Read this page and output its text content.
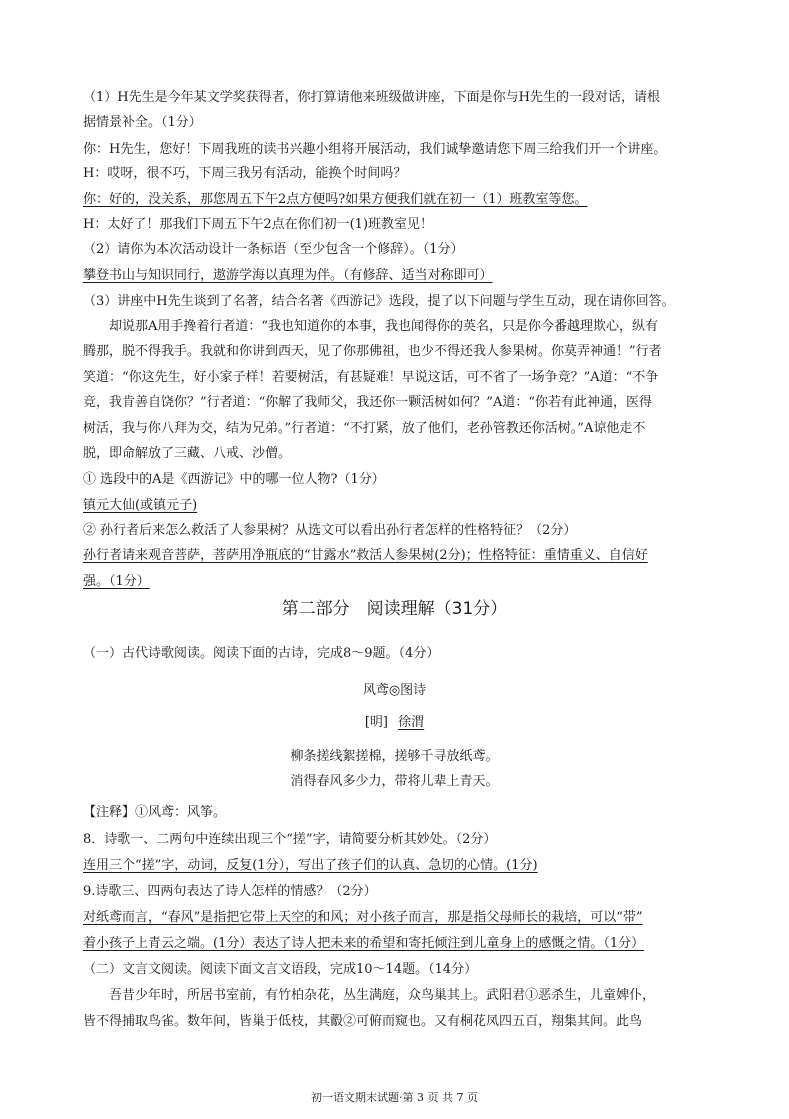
（1）H先生是今年某文学奖获得者，你打算请他来班级做讲座，下面是你与H先生的一段对话，请根
据情景补全。（1分）
你：H先生，您好！下周我班的读书兴趣小组将开展活动，我们诚挚邀请您下周三给我们开一个讲座。
H：哎呀，很不巧，下周三我另有活动，能换个时间吗？
你：好的，没关系，那您周五下午2点方便吗?如果方便我们就在初一（1）班教室等您。
H：太好了！那我们下周五下午2点在你们初一(1)班教室见！
（2）请你为本次活动设计一条标语（至少包含一个修辞）。（1分）
攀登书山与知识同行，遨游学海以真理为伴。（有修辞、适当对称即可）
（3）讲座中H先生谈到了名著，结合名著《西游记》选段，提了以下问题与学生互动，现在请你回答。
却说那A用手搀着行者道：“我也知道你的本事，我也闻得你的英名，只是你今番越理欺心，纵有
腾那，脱不得我手。我就和你讲到西天，见了你那佛祖，也少不得还我人参果树。你莫弄神通！”行者
笑道：“你这先生，好小家子样！若要树活，有甚疑难！早说这话，可不省了一场争竞？”A道：“不争
竞，我肯善自饶你？”行者道：“你解了我师父，我还你一颗活树如何？”A道：“你若有此神通，医得
树活，我与你八拜为交，结为兄弟。”行者道：“不打紧，放了他们，老孙管教还你活树。”A谅他走不
脱，即命解放了三藏、八戒、沙僧。
① 选段中的A是《西游记》中的哪一位人物?（1分）
镇元大仙(或镇元子)
② 孙行者后来怎么救活了人参果树？从选文可以看出孙行者怎样的性格特征？（2分）
孙行者请来观音菩萨，菩萨用净瓶底的“甘露水”救活人参果树(2分)；性格特征：重情重义、自信好
强。（1分）
（一）古代诗歌阅读。阅读下面的古诗，完成8～9题。（4分）
【注释】①风鸢：风筝。
8．诗歌一、二两句中连续出现三个“搓”字，请简要分析其妙处。（2分）
连用三个“搓”字，动词，反复(1分），写出了孩子们的认真、急切的心情。(1分)
9.诗歌三、四两句表达了诗人怎样的情感？（2分）
对纸鸢而言，“春风”是指把它带上天空的和风；对小孩子而言，那是指父母师长的栽培，可以“带”
着小孩子上青云之端。(1分）表达了诗人把未来的希望和寄托倾注到儿童身上的感慨之情。（1分）
（二）文言文阅读。阅读下面文言文语段，完成10～14题。（14分）
吾昔少年时，所居书室前，有竹柏杂花，丛生满庭，众鸟巢其上。武阳君①恶杀生，儿童婢仆，
皆不得捕取鸟雀。数年间，皆巢于低枝，其鷇②可俯而窥也。又有桐花凤四五百，翔集其间。此鸟
第二部分　阅读理解（31分）
风鸢◎图诗
[明] 徐渭
柳条搓线絮搓棉，搓够千寻放纸鸢。
消得春风多少力，带将儿辈上青天。
初一语文期末试题·第 3 页 共 7 页
